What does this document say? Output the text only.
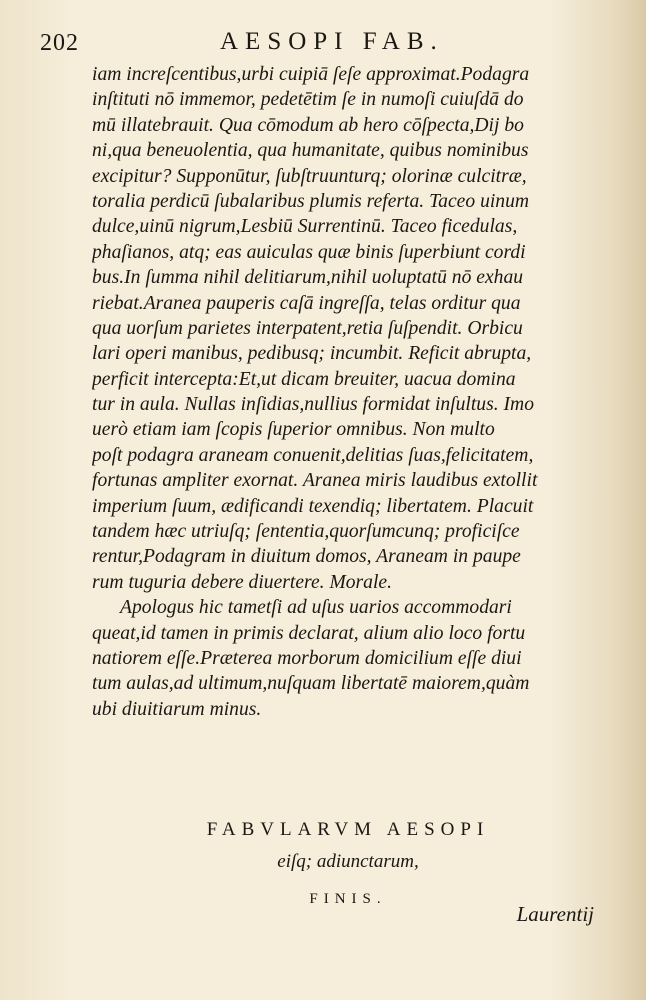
202	AESOPI FAB.
iam increſcentibus,urbi cuipiā ſeſe approximat.Podagra
inſtituti nō immemor, pedetētim ſe in numoſi cuiuſdā do
mū illatebrauit. Qua cōmodum ab hero cōſpecta,Dij bo
ni,qua beneuolentia, qua humanitate, quibus nominibus
excipitur? Supponūtur, ſubſtruunturq; olorinæ culcitræ,
toralia perdicū ſubalaribus plumis referta. Taceo uinum
dulce,uinū nigrum,Lesbiū Surrentinū. Taceo ficedulas,
phaſianos, atq; eas auiculas quæ binis ſuperbiunt cordi
bus.In ſumma nihil delitiarum,nihil uoluptatū nō exhau
riebat.Aranea pauperis caſā ingreſſa, telas orditur qua
qua uorſum parietes interpatent,retia ſuſpendit. Orbicu
lari operi manibus, pedibusq; incumbit. Reficit abrupta,
perficit intercepta:Et,ut dicam breuiter, uacua domina
tur in aula. Nullas inſidias,nullius formidat inſultus. Imo
uerò etiam iam ſcopis ſuperior omnibus. Non multo
poſt podagra araneam conuenit,delitias ſuas,felicitatem,
fortunas ampliter exornat. Aranea miris laudibus extollit
imperium ſuum, ædificandi texendiq; libertatem. Placuit
tandem hæc utriuſq; ſententia,quorſumcunq; proficiſce
rentur,Podagram in diuitum domos, Araneam in paupe
rum tuguria debere diuertere. Morale.
Apologus hic tametſi ad uſus uarios accommodari
queat,id tamen in primis declarat, alium alio loco fortu
natiorem eſſe.Præterea morborum domicilium eſſe diui
tum aulas,ad ultimum,nuſquam libertatē maiorem,quàm
ubi diuitiarum minus.
FABVLARVM AESOPI
eiſq; adiunctarum,
FINIS.
Laurentij
